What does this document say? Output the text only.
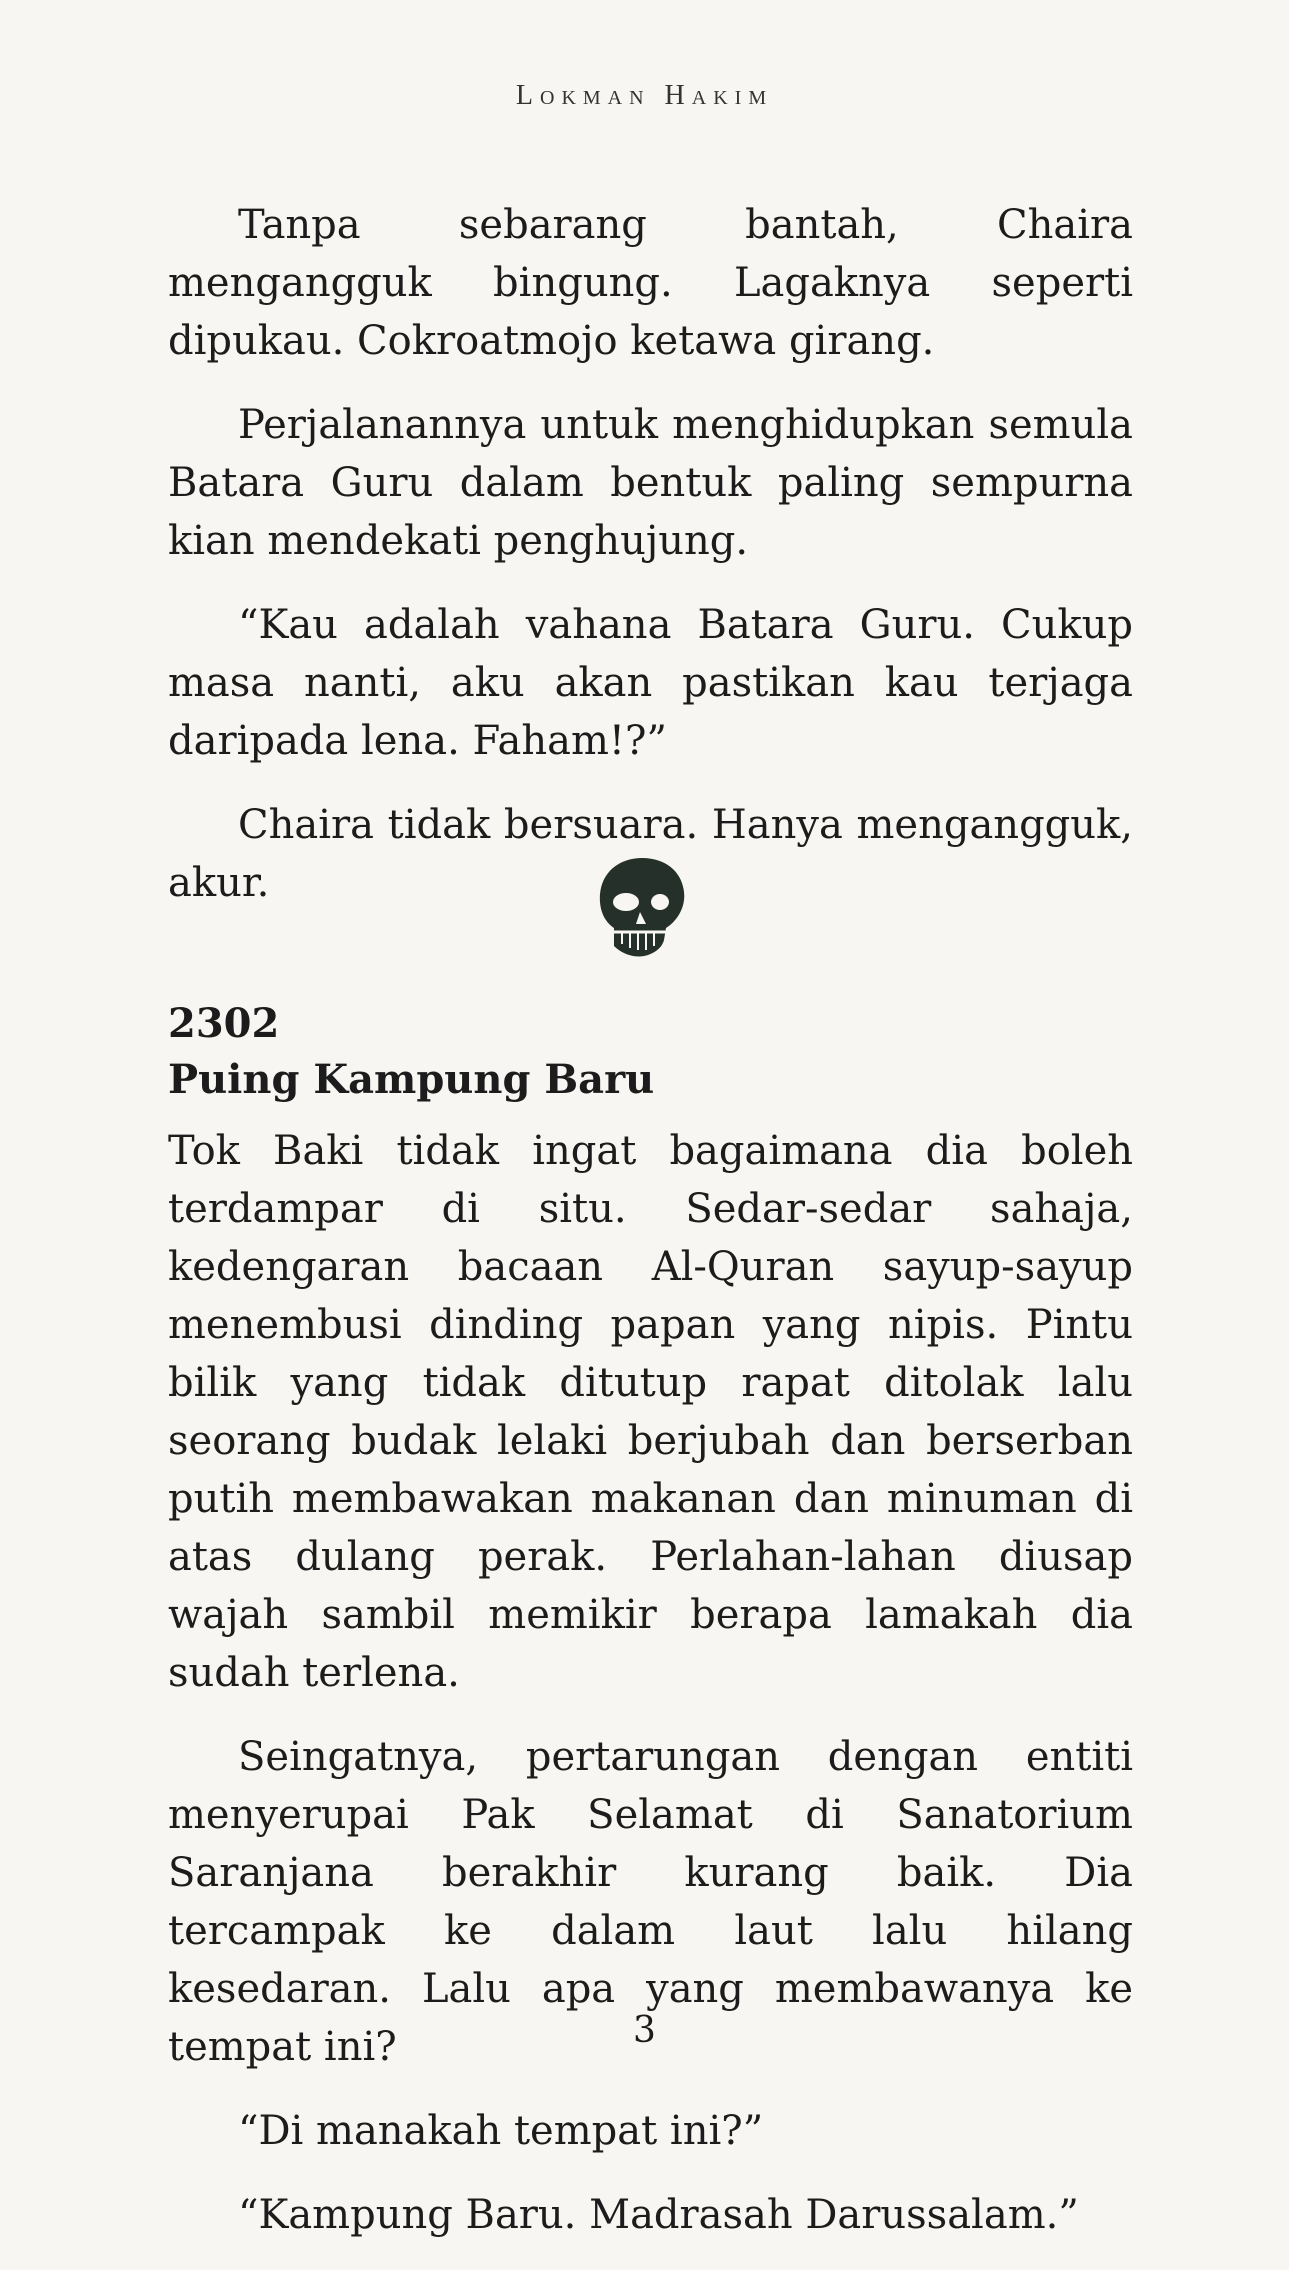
Lokman Hakim

Tanpa sebarang bantah, Chaira mengangguk bingung. Lagaknya seperti dipukau. Cokroatmojo ketawa girang.

Perjalanannya untuk menghidupkan semula Batara Guru dalam bentuk paling sempurna kian mendekati penghujung.

“Kau adalah vahana Batara Guru. Cukup masa nanti, aku akan pastikan kau terjaga daripada lena. Faham!?”

Chaira tidak bersuara. Hanya mengangguk, akur.

2302
Puing Kampung Baru

Tok Baki tidak ingat bagaimana dia boleh terdampar di situ. Sedar-sedar sahaja, kedengaran bacaan Al-Quran sayup-sayup menembusi dinding papan yang nipis. Pintu bilik yang tidak ditutup rapat ditolak lalu seorang budak lelaki berjubah dan berserban putih membawakan makanan dan minuman di atas dulang perak. Perlahan-lahan diusap wajah sambil memikir berapa lamakah dia sudah terlena.

Seingatnya, pertarungan dengan entiti menyerupai Pak Selamat di Sanatorium Saranjana berakhir kurang baik. Dia tercampak ke dalam laut lalu hilang kesedaran. Lalu apa yang membawanya ke tempat ini?

“Di manakah tempat ini?”

“Kampung Baru. Madrasah Darussalam.”

3
